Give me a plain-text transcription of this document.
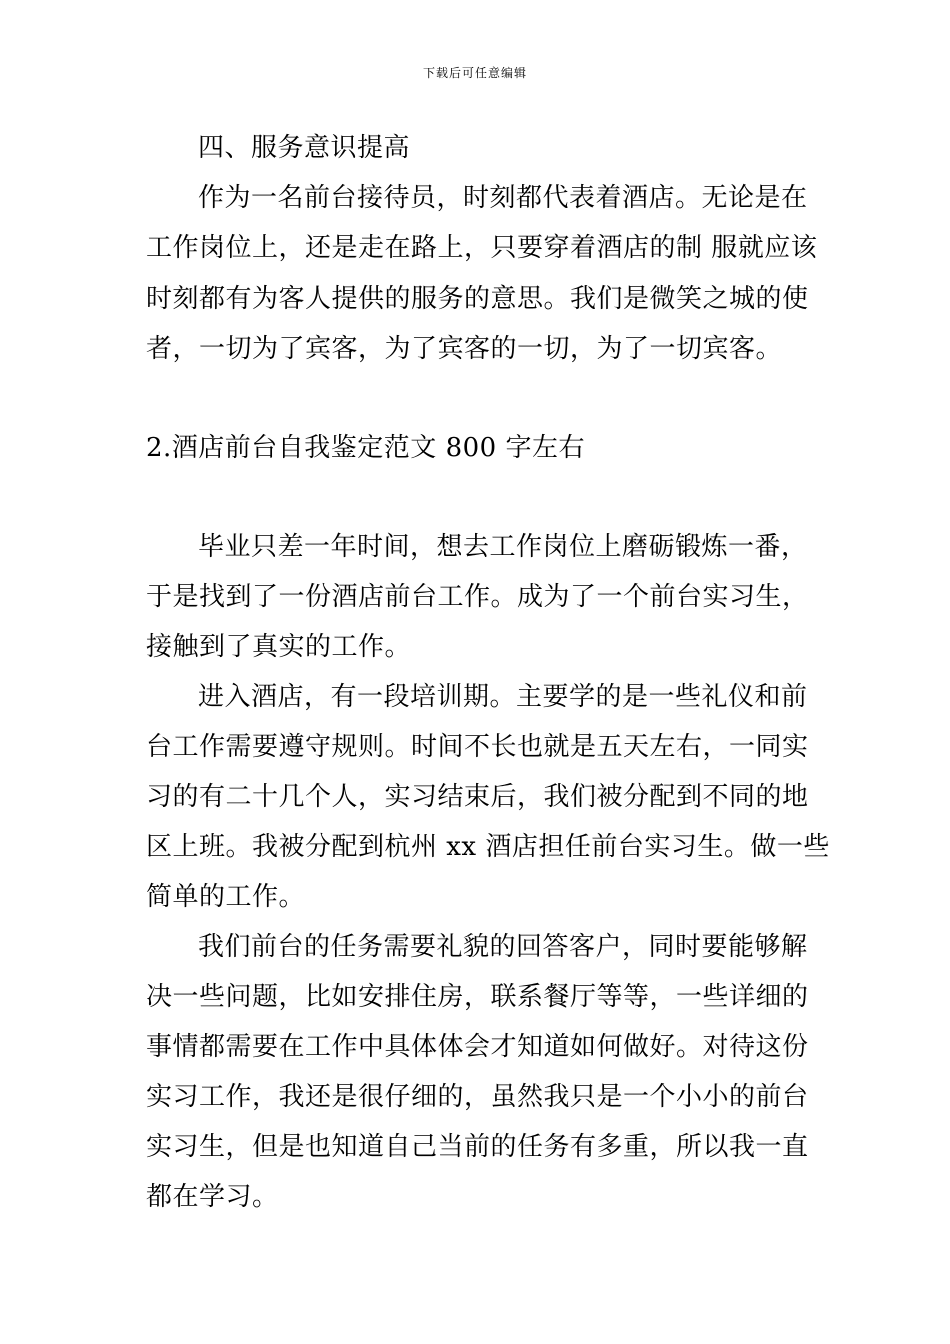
下载后可任意编辑
四、服务意识提高
作为一名前台接待员，时刻都代表着酒店。无论是在
工作岗位上，还是走在路上，只要穿着酒店的制 服就应该
时刻都有为客人提供的服务的意思。我们是微笑之城的使
者，一切为了宾客，为了宾客的一切，为了一切宾客。
2.酒店前台自我鉴定范文 800 字左右
毕业只差一年时间，想去工作岗位上磨砺锻炼一番，
于是找到了一份酒店前台工作。成为了一个前台实习生，
接触到了真实的工作。
进入酒店，有一段培训期。主要学的是一些礼仪和前
台工作需要遵守规则。时间不长也就是五天左右，一同实
习的有二十几个人，实习结束后，我们被分配到不同的地
区上班。我被分配到杭州 xx 酒店担任前台实习生。做一些
简单的工作。
我们前台的任务需要礼貌的回答客户，同时要能够解
决一些问题，比如安排住房，联系餐厅等等，一些详细的
事情都需要在工作中具体体会才知道如何做好。对待这份
实习工作，我还是很仔细的，虽然我只是一个小小的前台
实习生，但是也知道自己当前的任务有多重，所以我一直
都在学习。
